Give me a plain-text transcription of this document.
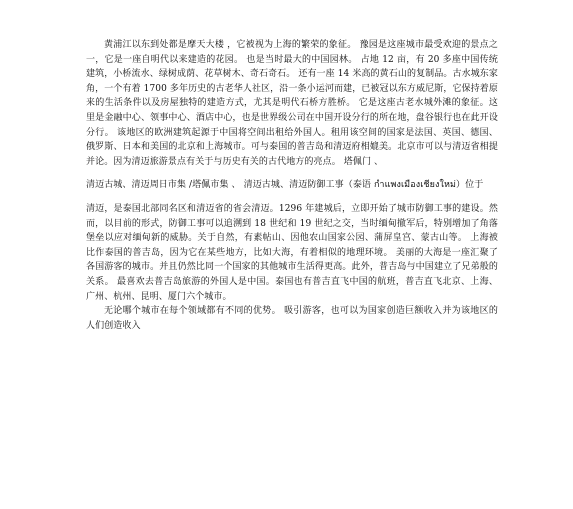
黄浦江以东到处都是摩天大楼 ，它被视为上海的繁荣的象征。 豫园是这座城市最受欢迎的景点之一，它是一座自明代以来建造的花园。 也是当时最大的中国园林。 占地 12 亩，有 20 多座中国传统建筑，小桥流水、绿树成荫、花草树木、奇石奇石。 还有一座 14 米高的黄石山的复制品。古水城东家角，一个有着 1700 多年历史的古老华人社区，沿一条小运河而建，已被冠以东方威尼斯，它保持着原来的生活条件以及房屋独特的建造方式，尤其是明代石桥方胜桥。 它是这座古老水城外滩的象征。这里是金融中心、领事中心、酒店中心，也是世界级公司在中国开设分行的所在地，盘谷银行也在此开设分行。 该地区的欧洲建筑起源于中国将空间出租给外国人。租用该空间的国家是法国、英国、德国、俄罗斯、日本和美国的北京和上海城市。可与泰国的普吉岛和清迈府相媲美。北京市可以与清迈省相提并论。因为清迈旅游景点有关于与历史有关的古代地方的亮点。 塔佩门 、

清迈古城、清迈周日市集 /塔佩市集 、 清迈古城、清迈防御工事（泰语 กำแพงเมืองเชียงใหม่）位于

清迈，是泰国北部同名区和清迈省的省会清迈。1296 年建城后，立即开始了城市防御工事的建设。然而，以目前的形式，防御工事可以追溯到 18 世纪和 19 世纪之交，当时缅甸撤军后，特别增加了角落堡垒以应对缅甸新的威胁。关于自然，有素帖山、因他农山国家公园、蒲屏皇宫、蒙古山等。 上海被比作泰国的普吉岛，因为它在某些地方，比如大海，有着相似的地理环境。 美丽的大海是一座汇聚了各国游客的城市。并且仍然比同一个国家的其他城市生活得更高。此外，普吉岛与中国建立了兄弟般的关系。 最喜欢去普吉岛旅游的外国人是中国。泰国也有普吉直飞中国的航班，普吉直飞北京、上海、广州、杭州、昆明、厦门六个城市。

无论哪个城市在每个领域都有不同的优势。 吸引游客，也可以为国家创造巨额收入并为该地区的人们创造收入
